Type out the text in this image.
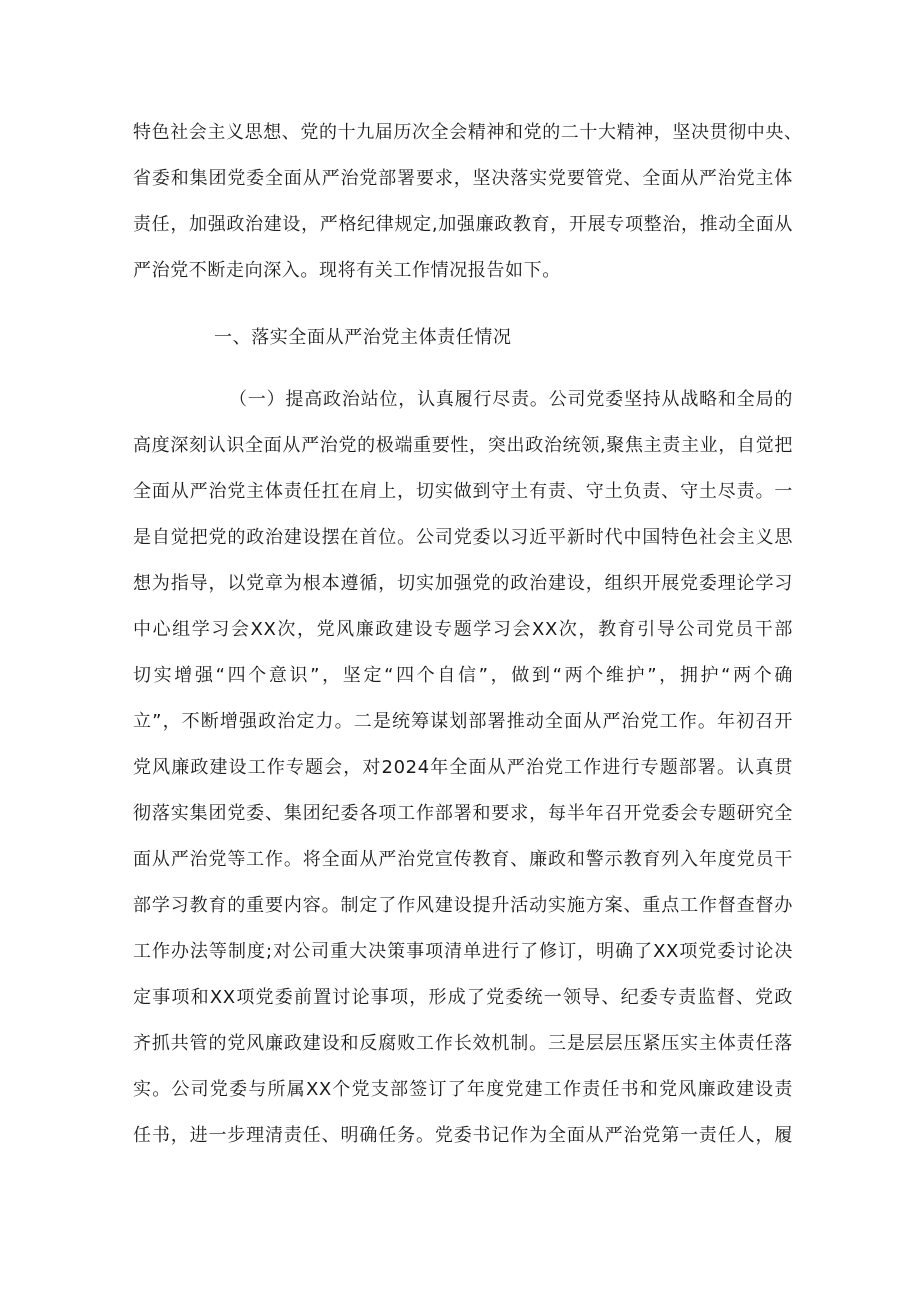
特色社会主义思想、党的十九届历次全会精神和党的二十大精神，坚决贯彻中央、
省委和集团党委全面从严治党部署要求，坚决落实党要管党、全面从严治党主体
责任，加强政治建设，严格纪律规定,加强廉政教育，开展专项整治，推动全面从
严治党不断走向深入。现将有关工作情况报告如下。
一、落实全面从严治党主体责任情况
（一）提高政治站位，认真履行尽责。公司党委坚持从战略和全局的
高度深刻认识全面从严治党的极端重要性，突出政治统领,聚焦主责主业，自觉把
全面从严治党主体责任扛在肩上，切实做到守土有责、守土负责、守土尽责。一
是自觉把党的政治建设摆在首位。公司党委以习近平新时代中国特色社会主义思
想为指导，以党章为根本遵循，切实加强党的政治建设，组织开展党委理论学习
中心组学习会XX次，党风廉政建设专题学习会XX次，教育引导公司党员干部
切实增强“四个意识”，坚定“四个自信”，做到“两个维护”，拥护“两个确
立”，不断增强政治定力。二是统筹谋划部署推动全面从严治党工作。年初召开
党风廉政建设工作专题会，对2024年全面从严治党工作进行专题部署。认真贯
彻落实集团党委、集团纪委各项工作部署和要求，每半年召开党委会专题研究全
面从严治党等工作。将全面从严治党宣传教育、廉政和警示教育列入年度党员干
部学习教育的重要内容。制定了作风建设提升活动实施方案、重点工作督查督办
工作办法等制度;对公司重大决策事项清单进行了修订，明确了XX项党委讨论决
定事项和XX项党委前置讨论事项，形成了党委统一领导、纪委专责监督、党政
齐抓共管的党风廉政建设和反腐败工作长效机制。三是层层压紧压实主体责任落
实。公司党委与所属XX个党支部签订了年度党建工作责任书和党风廉政建设责
任书，进一步理清责任、明确任务。党委书记作为全面从严治党第一责任人，履
